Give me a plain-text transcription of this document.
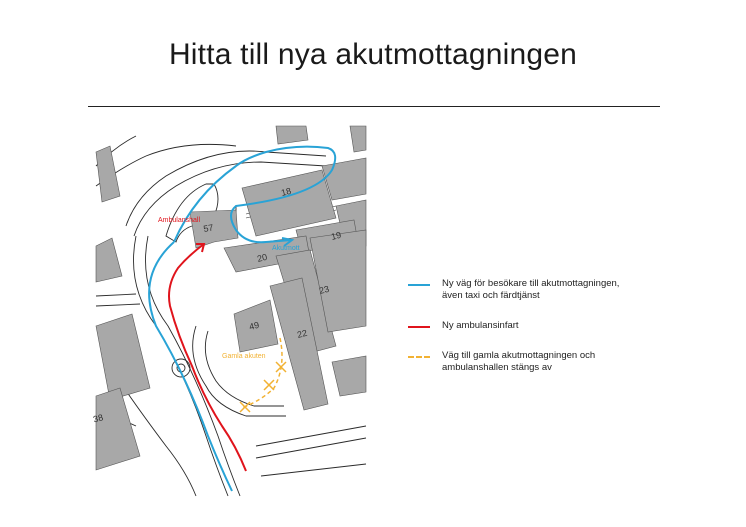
Hitta till nya akutmottagningen
18
57
19
20
23
49
22
38
Ambulanshall
Akutmott
Gamla akuten
Ny väg för besökare till akutmottagningen,
även taxi och färdtjänst
Ny ambulansinfart
Väg till gamla akutmottagningen och
ambulanshallen stängs av
